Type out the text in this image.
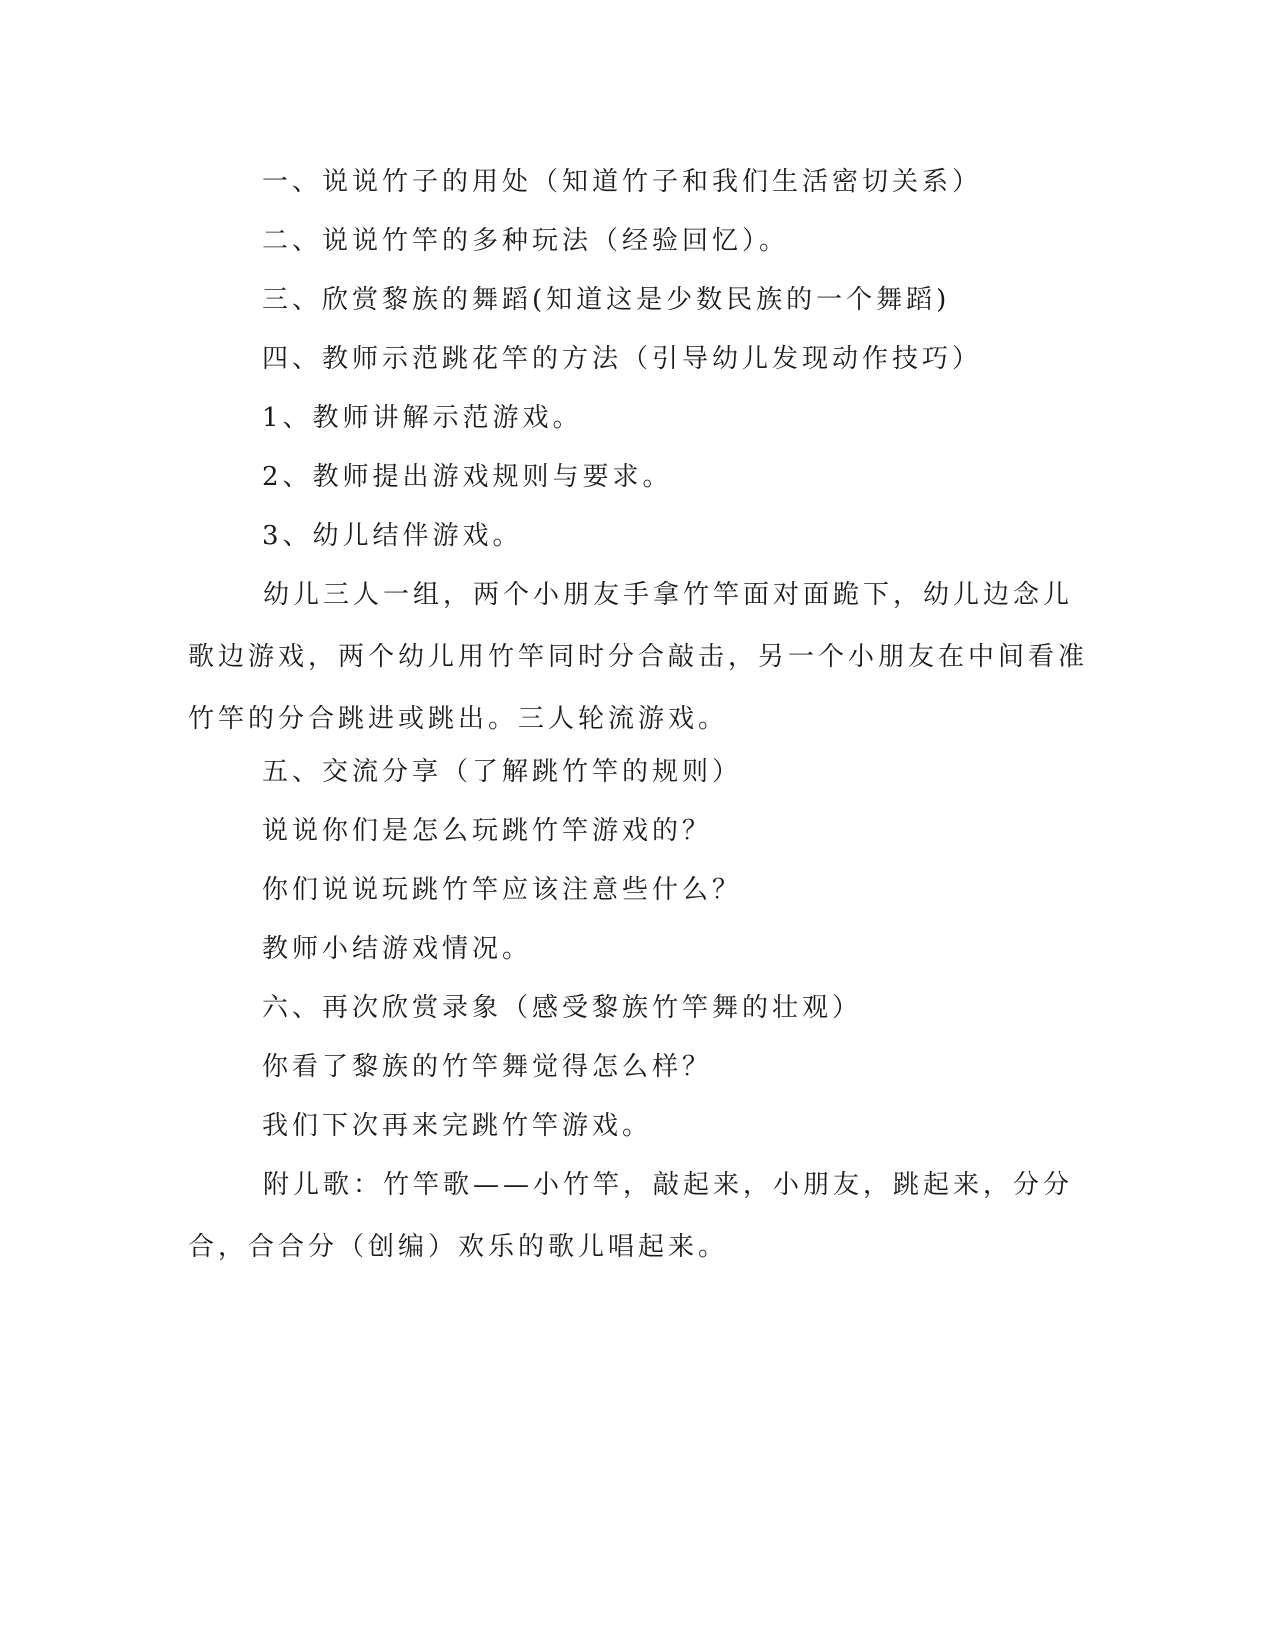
一、说说竹子的用处（知道竹子和我们生活密切关系）
二、说说竹竿的多种玩法（经验回忆）。
三、欣赏黎族的舞蹈(知道这是少数民族的一个舞蹈)
四、教师示范跳花竿的方法（引导幼儿发现动作技巧）
1、教师讲解示范游戏。
2、教师提出游戏规则与要求。
3、幼儿结伴游戏。
幼儿三人一组，两个小朋友手拿竹竿面对面跪下，幼儿边念儿歌边游戏，两个幼儿用竹竿同时分合敲击，另一个小朋友在中间看准竹竿的分合跳进或跳出。三人轮流游戏。
五、交流分享（了解跳竹竿的规则）
说说你们是怎么玩跳竹竿游戏的？
你们说说玩跳竹竿应该注意些什么？
教师小结游戏情况。
六、再次欣赏录象（感受黎族竹竿舞的壮观）
你看了黎族的竹竿舞觉得怎么样？
我们下次再来完跳竹竿游戏。
附儿歌：竹竿歌——小竹竿，敲起来，小朋友，跳起来，分分合，合合分（创编）欢乐的歌儿唱起来。
